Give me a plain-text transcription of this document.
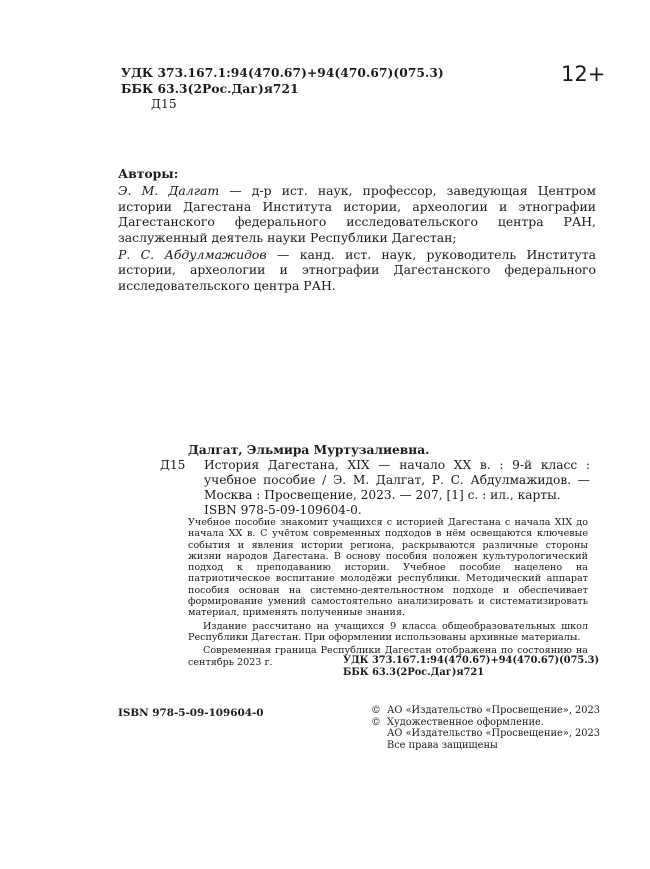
УДК 373.167.1:94(470.67)+94(470.67)(075.3)
ББК 63.3(2Рос.Даг)я721
Д15
12+
Авторы:

Э. М. Далгат — д-р ист. наук, профессор, заведующая Центром истории Дагестана Института истории, археологии и этнографии Дагестанского федерального исследовательского центра РАН, заслуженный деятель науки Республики Дагестан;

Р. С. Абдулмажидов — канд. ист. наук, руководитель Института истории, археологии и этнографии Дагестанского федерального исследовательского центра РАН.

Далгат, Эльмира Муртузалиевна.
Д15	История Дагестана, XIX — начало XX в. : 9-й класс : учебное пособие / Э. М. Далгат, Р. С. Абдулмажидов. — Москва : Просвещение, 2023. — 207, [1] с. : ил., карты.
ISBN 978-5-09-109604-0.

Учебное пособие знакомит учащихся с историей Дагестана с начала XIX до начала XX в. С учётом современных подходов в нём освещаются ключевые события и явления истории региона, раскрываются различные стороны жизни народов Дагестана. В основу пособия положен культурологический подход к преподаванию истории. Учебное пособие нацелено на патриотическое воспитание молодёжи республики. Методический аппарат пособия основан на системно-деятельностном подходе и обеспечивает формирование умений самостоятельно анализировать и систематизировать материал, применять полученные знания.

Издание рассчитано на учащихся 9 класса общеобразовательных школ Республики Дагестан. При оформлении использованы архивные материалы.

Современная граница Республики Дагестан отображена по состоянию на сентябрь 2023 г.	УДК 373.167.1:94(470.67)+94(470.67)(075.3)
ББК 63.3(2Рос.Даг)я721
ISBN 978-5-09-109604-0	© АО «Издательство «Просвещение», 2023
© Художественное оформление.
АО «Издательство «Просвещение», 2023
Все права защищены
